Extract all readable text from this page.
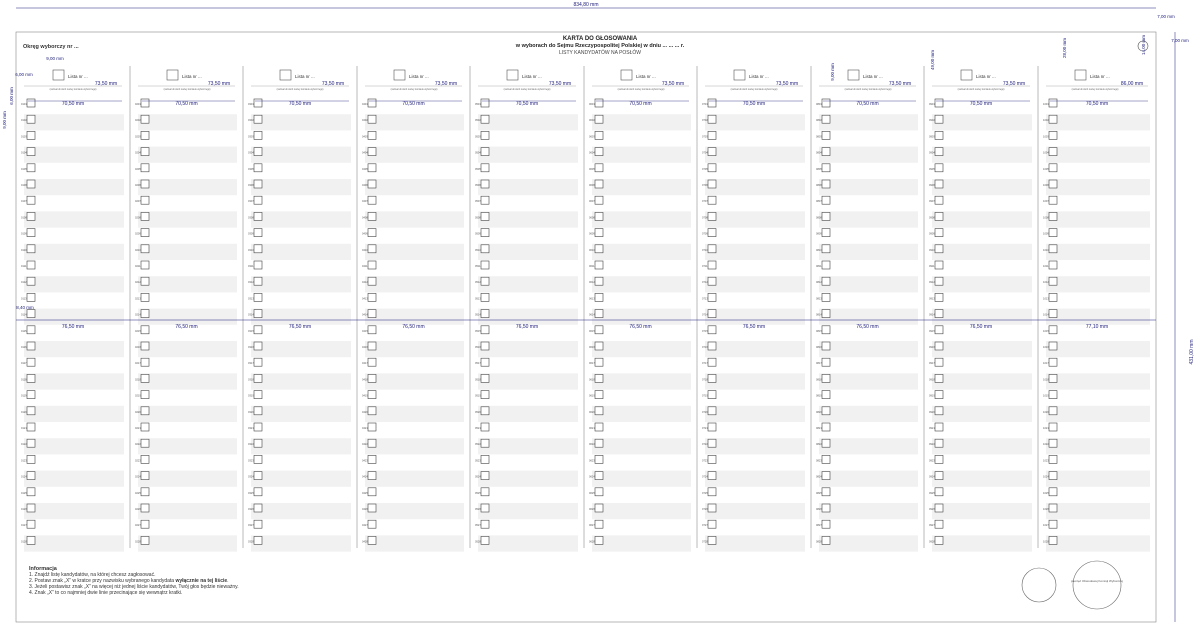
Lista nr ...
(nazwa lub skrót nazwy komitetu wyborczego)
0101
0102
0103
0104
0105
0106
0107
0108
0109
0110
0111
0112
0113
0114
0115
0116
0117
0118
0119
0120
0121
0122
0123
0124
0125
0126
0127
0128
Lista nr ...
(nazwa lub skrót nazwy komitetu wyborczego)
0201
0202
0203
0204
0205
0206
0207
0208
0209
0210
0211
0212
0213
0214
0215
0216
0217
0218
0219
0220
0221
0222
0223
0224
0225
0226
0227
0228
Lista nr ...
(nazwa lub skrót nazwy komitetu wyborczego)
0301
0302
0303
0304
0305
0306
0307
0308
0309
0310
0311
0312
0313
0314
0315
0316
0317
0318
0319
0320
0321
0322
0323
0324
0325
0326
0327
0328
Lista nr ...
(nazwa lub skrót nazwy komitetu wyborczego)
0401
0402
0403
0404
0405
0406
0407
0408
0409
0410
0411
0412
0413
0414
0415
0416
0417
0418
0419
0420
0421
0422
0423
0424
0425
0426
0427
0428
Lista nr ...
(nazwa lub skrót nazwy komitetu wyborczego)
0501
0502
0503
0504
0505
0506
0507
0508
0509
0510
0511
0512
0513
0514
0515
0516
0517
0518
0519
0520
0521
0522
0523
0524
0525
0526
0527
0528
Lista nr ...
(nazwa lub skrót nazwy komitetu wyborczego)
0601
0602
0603
0604
0605
0606
0607
0608
0609
0610
0611
0612
0613
0614
0615
0616
0617
0618
0619
0620
0621
0622
0623
0624
0625
0626
0627
0628
Lista nr ...
(nazwa lub skrót nazwy komitetu wyborczego)
0701
0702
0703
0704
0705
0706
0707
0708
0709
0710
0711
0712
0713
0714
0715
0716
0717
0718
0719
0720
0721
0722
0723
0724
0725
0726
0727
0728
Lista nr ...
(nazwa lub skrót nazwy komitetu wyborczego)
0801
0802
0803
0804
0805
0806
0807
0808
0809
0810
0811
0812
0813
0814
0815
0816
0817
0818
0819
0820
0821
0822
0823
0824
0825
0826
0827
0828
Lista nr ...
(nazwa lub skrót nazwy komitetu wyborczego)
0901
0902
0903
0904
0905
0906
0907
0908
0909
0910
0911
0912
0913
0914
0915
0916
0917
0918
0919
0920
0921
0922
0923
0924
0925
0926
0927
0928
Lista nr ...
(nazwa lub skrót nazwy komitetu wyborczego)
1001
1002
1003
1004
1005
1006
1007
1008
1009
1010
1011
1012
1013
1014
1015
1016
1017
1018
1019
1020
1021
1022
1023
1024
1025
1026
1027
1028
834,80 mm
431,00 mm
73,50 mm
70,50 mm
76,50 mm
73,50 mm
70,50 mm
76,50 mm
73,50 mm
70,50 mm
76,50 mm
73,50 mm
70,50 mm
76,50 mm
73,50 mm
70,50 mm
76,50 mm
73,50 mm
70,50 mm
76,50 mm
73,50 mm
70,50 mm
76,50 mm
73,50 mm
70,50 mm
76,50 mm
73,50 mm
70,50 mm
76,50 mm
86,00 mm
70,50 mm
77,10 mm
9,00 mm
6,00 mm
9,00 mm
6,00 mm
8,40 mm
9,00 mm
49,00 mm
28,00 mm	14,00 mm
7,00 mm
7,00 mm
pieczęć Obwodowej Komisji Wyborczej
Okręg wyborczy nr ...
KARTA DO GŁOSOWANIA
w wyborach do Sejmu Rzeczypospolitej Polskiej w dniu ... ... ... r.
LISTY KANDYDATÓW NA POSŁÓW
Informacja
1. Znajdź listę kandydatów, na której chcesz zagłosować.
2. Postaw znak „X” w kratce przy nazwisku wybranego kandydata wyłącznie na tej liście.
3. Jeżeli postawisz znak „X” na więcej niż jednej liście kandydatów, Twój głos będzie nieważny.
4. Znak „X” to co najmniej dwie linie przecinające się wewnątrz kratki.
